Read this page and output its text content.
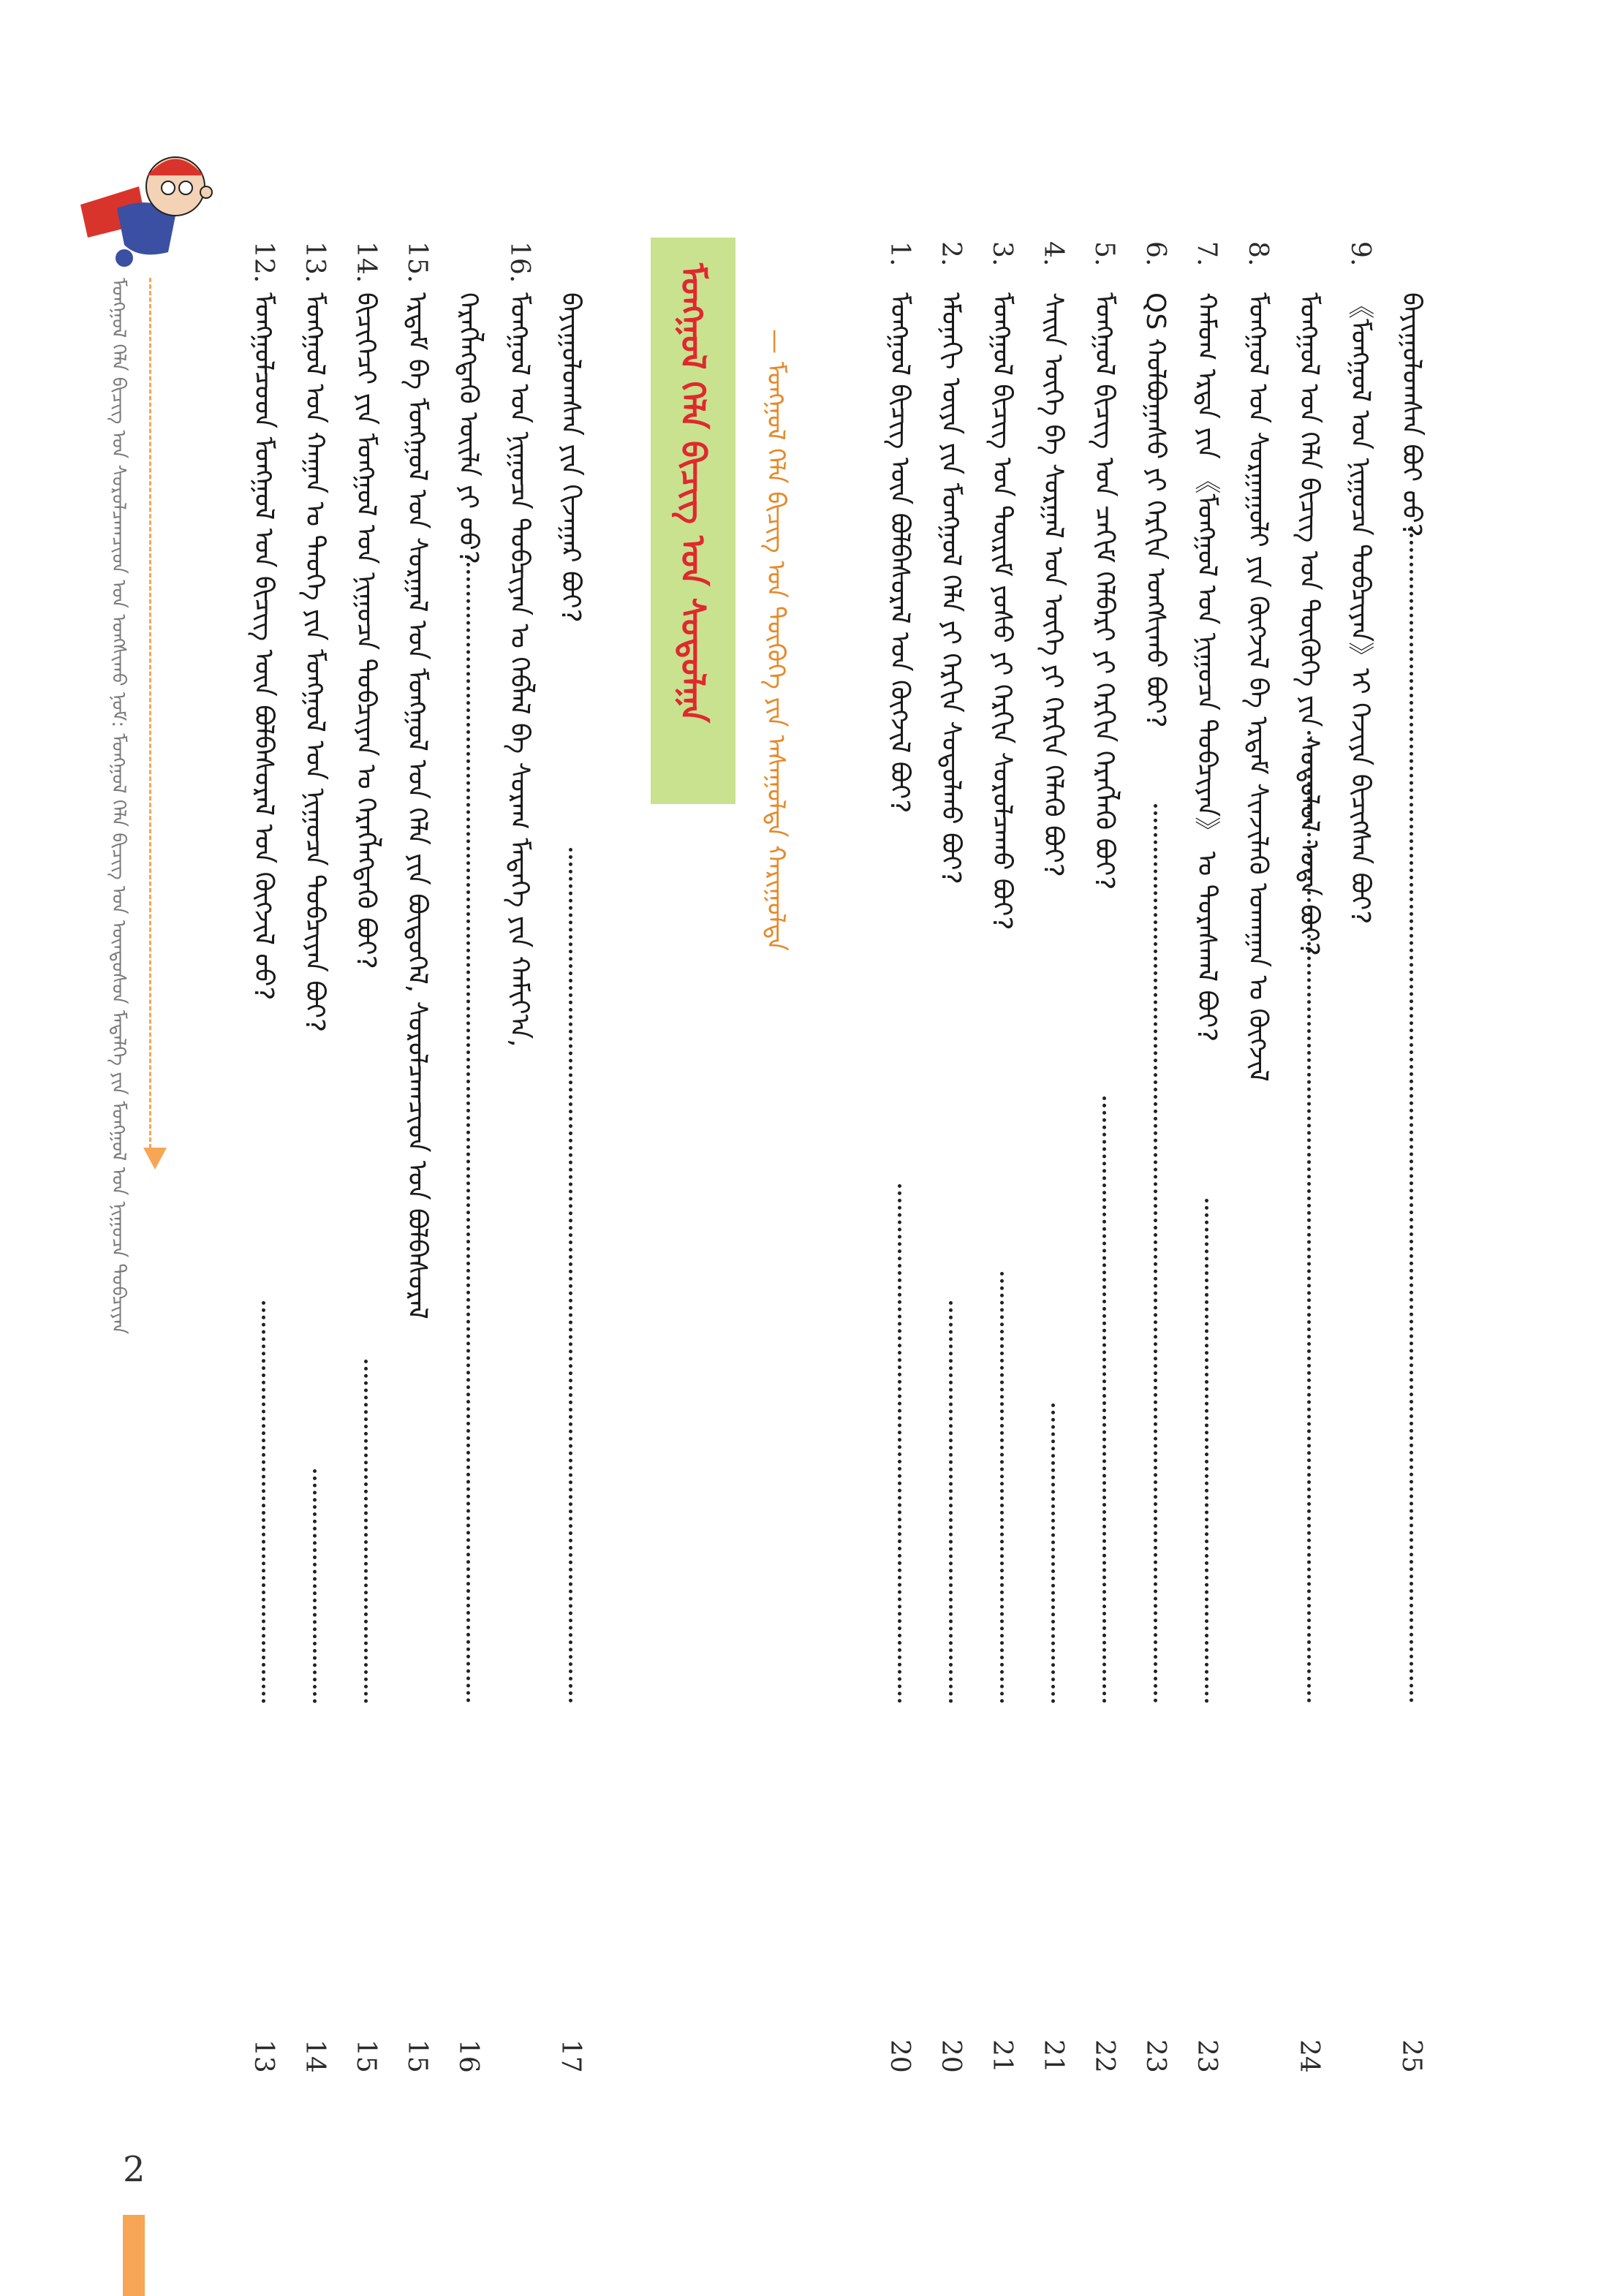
ᠮᠣᠩᠭᠣᠯ ᠬᠡᠯᠡ ᠪᠢᠴᠢᠭ ᠤᠨ ᠰᠤᠷᠤᠯᠴᠠᠭᠴᠢᠳ ᠤᠨ ᠤᠩᠰᠢᠬᠤ ᠨᠣᠮ: ᠮᠣᠩᠭᠣᠯ ᠬᠡᠯᠡ ᠪᠢᠴᠢᠭ ᠤᠨ ᠦᠨᠳᠦᠰᠦᠨ ᠮᠡᠳᠡᠯᠭᠡ ᠶᠢᠨ ᠮᠣᠩᠭᠣᠯ ᠤᠨ ᠨᠢᠭᠤᠴᠠ ᠲᠤᠪᠴᠢᠶᠠᠨ
2
ᠮᠣᠩᠭᠣᠯ ᠬᠡᠯᠡ ᠪᠢᠴᠢᠭ ᠤᠨ ᠰᠤᠳᠤᠯᠭᠠ	— ᠮᠣᠩᠭᠣᠯ ᠬᠡᠯᠡ ᠪᠢᠴᠢᠭ ᠤᠨ ᠲᠦᠭᠦᠬᠡ ᠶᠢᠨ ᠠᠰᠠᠭᠤᠯᠲᠠ ᠬᠠᠷᠢᠭᠤᠯᠲᠠ	ᠪᠠᠶᠢᠭᠤᠯᠤᠭᠰᠠᠨ ᠪᠤᠢ ᠤᠤ?
25
9.
《ᠮᠣᠩᠭᠣᠯ ᠤᠨ ᠨᠢᠭᠤᠴᠠ ᠲᠤᠪᠴᠢᠶᠠᠨ》ᠢ ᠬᠡᠵᠢᠶᠡ ᠪᠢᠴᠢᠭᠰᠡᠨ ᠪᠤᠢ?
ᠮᠣᠩᠭᠣᠯ ᠤᠨ ᠬᠡᠯᠡ ᠪᠢᠴᠢᠭ ᠤᠨ ᠲᠦᠭᠦᠬᠡ ᠶᠢᠨ ᠰᠤᠳᠤᠯᠤᠯ ᠤᠳᠠ ᠪᠤᠢ?
24
8.
ᠮᠣᠩᠭᠣᠯ ᠤᠨ ᠰᠤᠷᠭᠠᠭᠤᠯᠢ ᠶᠢᠨ ᠬᠥᠭᠵᠢᠯ ᠪᠠ ᠡᠷᠳᠡᠮ ᠰᠢᠨᠵᠢᠯᠡᠬᠦ ᠤᠬᠠᠭᠠᠨ ᠤ ᠬᠥᠭᠵᠢᠯ
7.
ᠬᠠᠮᠤᠭ ᠡᠷᠲᠡ ᠶᠢᠨ 《ᠮᠣᠩᠭᠣᠯ ᠤᠨ ᠨᠢᠭᠤᠴᠠ ᠲᠤᠪᠴᠢᠶᠠᠨ》 ᠤ ᠳᠤᠷᠠᠰᠬᠠᠯ ᠪᠤᠢ?
23
6.
QS ᠬᠣᠯᠪᠣᠭᠠᠰᠤ ᠶᠢ ᠬᠡᠷᠬᠢᠨ ᠤᠩᠰᠢᠬᠤ ᠪᠤᠢ?
23
5.
ᠮᠣᠩᠭᠣᠯ ᠪᠢᠴᠢᠭ ᠤᠨ ᠴᠠᠬᠢᠮ ᠬᠡᠯᠪᠡᠷᠢ ᠶᠢ ᠬᠡᠷᠬᠢᠨ ᠬᠡᠷᠡᠭᠯᠡᠬᠦ ᠪᠤᠢ?
22
4.
ᠰᠠᠢᠨ ᠦᠭᠡ ᠪᠠ ᠰᠤᠷᠭᠠᠯ ᠤᠨ ᠦᠭᠡ ᠶᠢ ᠬᠡᠷᠬᠢᠨ ᠬᠡᠯᠡᠬᠦ ᠪᠤᠢ?
21
3.
ᠮᠣᠩᠭᠣᠯ ᠪᠢᠴᠢᠭ ᠤᠨ ᠳᠦᠷᠢᠮ ᠶᠣᠰᠤ ᠶᠢ ᠬᠡᠷᠬᠢᠨ ᠰᠤᠷᠤᠯᠴᠠᠬᠤ ᠪᠤᠢ?
21
2.
ᠡᠮᠦᠨᠡᠬᠢ ᠦᠶᠡ ᠶᠢᠨ ᠮᠣᠩᠭᠣᠯ ᠬᠡᠯᠡ ᠶᠢ ᠬᠡᠷᠬᠢᠨ ᠰᠤᠳᠤᠯᠬᠤ ᠪᠤᠢ?
20
1.
ᠮᠣᠩᠭᠣᠯ ᠪᠢᠴᠢᠭ ᠦᠨ ᠪᠣᠯᠪᠠᠰᠤᠷᠠᠯ ᠤᠨ ᠬᠥᠭᠵᠢᠯ ᠪᠤᠢ?
20
ᠪᠠᠶᠢᠭᠤᠯᠤᠭᠰᠠᠨ ᠶᠢᠨ ᠬᠢᠵᠠᠭᠠᠷ ᠪᠤᠢ?
17
16.
ᠮᠣᠩᠭᠣᠯ ᠤᠨ ᠨᠢᠭᠤᠴᠠ ᠲᠤᠪᠴᠢᠶᠠᠨ ᠤ ᠬᠡᠪᠯᠡᠯ ᠪᠠ ᠰᠤᠷᠠᠭ ᠮᠡᠳᠡᠭᠡ ᠶᠢᠨ ᠬᠠᠮᠢᠶ᠎ᠠ,
ᠬᠡᠷᠡᠭᠯᠡᠭᠳᠡᠬᠦ ᠦᠢᠯᠡ ᠶᠢ ᠤᠤ?
16
15.
ᠡᠷᠳᠡᠮ ᠪᠠ ᠮᠣᠩᠭᠣᠯ ᠤᠨ ᠰᠤᠷᠭᠠᠯ ᠤᠨ ᠮᠣᠩᠭᠣᠯ ᠤᠨ ᠬᠡᠯᠡ ᠶᠢᠨ ᠪᠦᠲᠦᠭᠡᠯ, ᠰᠤᠷᠤᠯᠴᠠᠭᠴᠢᠳ ᠤᠨ ᠪᠣᠯᠪᠠᠰᠤᠷᠠᠯ
15
14.
ᠪᠢᠴᠢᠭᠡᠴᠢ ᠶᠢᠨ ᠮᠣᠩᠭᠣᠯ ᠤᠨ ᠨᠢᠭᠤᠴᠠ ᠲᠤᠪᠴᠢᠶᠠᠨ ᠤ ᠬᠡᠷᠡᠭᠯᠡᠭᠳᠡᠬᠦ ᠪᠤᠢ?
15
13.
ᠮᠣᠩᠭᠣᠯ ᠤᠨ ᠬᠠᠭᠠᠨ ᠤ ᠲᠡᠦᠬᠡ ᠶᠢᠨ ᠮᠣᠩᠭᠣᠯ ᠤᠨ ᠨᠢᠭᠤᠴᠠ ᠲᠤᠪᠴᠢᠶᠠᠨ ᠪᠤᠢ?
14
12.
ᠮᠣᠩᠭᠣᠯᠴᠤᠳ ᠮᠣᠩᠭᠣᠯ ᠤᠨ ᠪᠢᠴᠢᠭ ᠦᠨ ᠪᠣᠯᠪᠠᠰᠤᠷᠠᠯ ᠤᠨ ᠬᠥᠭᠵᠢᠯ ᠤᠤ?
13
